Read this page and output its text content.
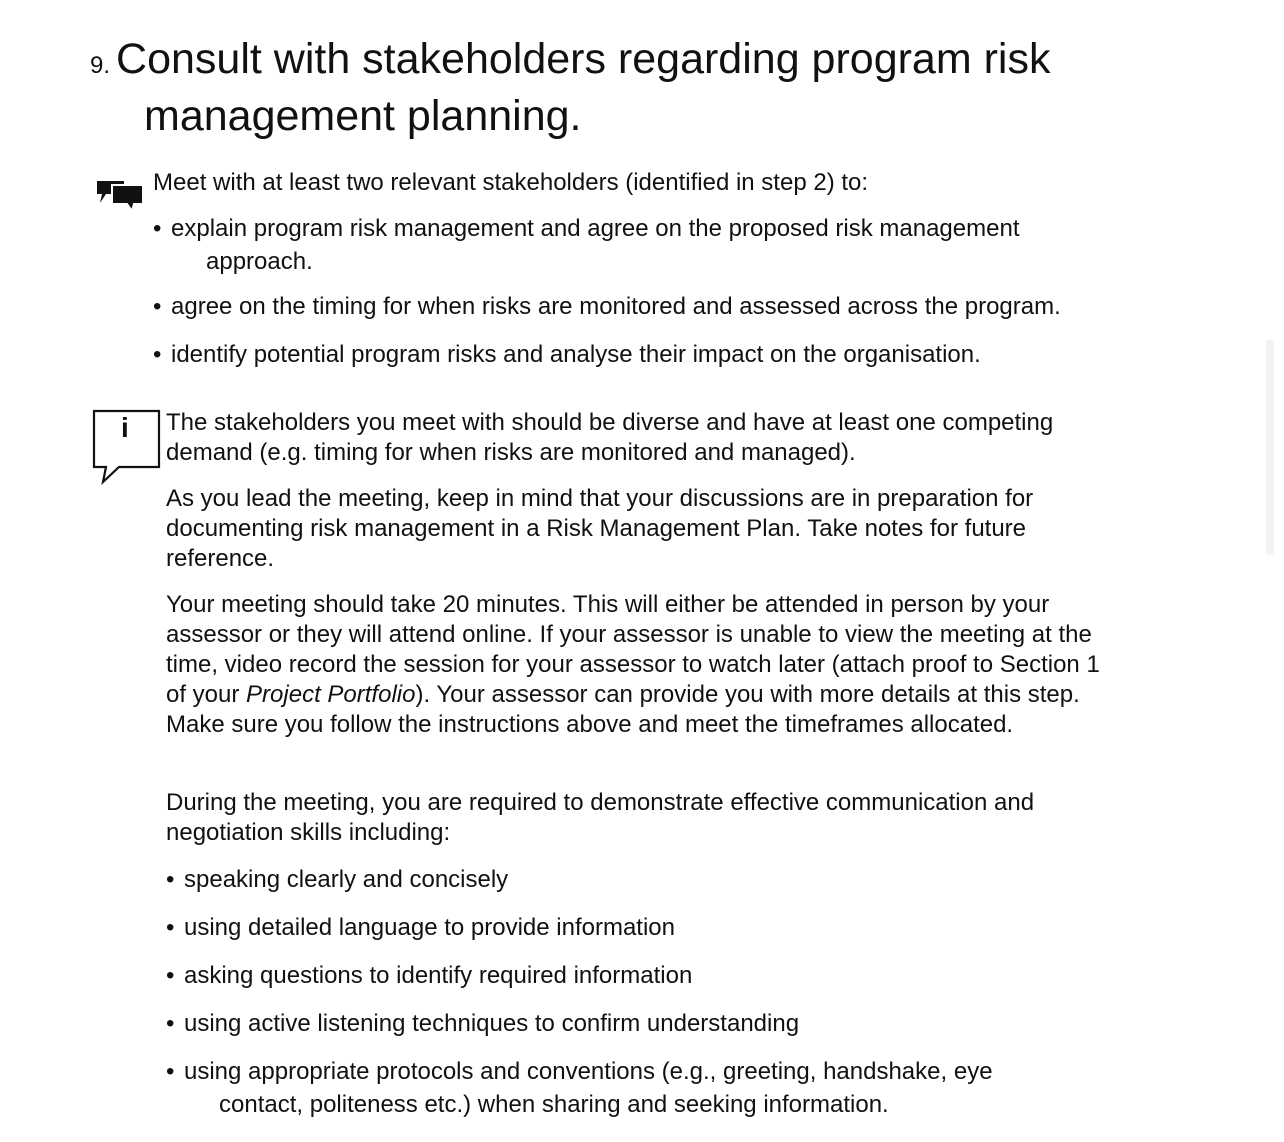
9. Consult with stakeholders regarding program risk
management planning.

Meet with at least two relevant stakeholders (identified in step 2) to:

• explain program risk management and agree on the proposed risk management
approach.
• agree on the timing for when risks are monitored and assessed across the program.
• identify potential program risks and analyse their impact on the organisation.
i The stakeholders you meet with should be diverse and have at least one competing demand (e.g. timing for when risks are monitored and managed).

As you lead the meeting, keep in mind that your discussions are in preparation for documenting risk management in a Risk Management Plan. Take notes for future reference.

Your meeting should take 20 minutes. This will either be attended in person by your assessor or they will attend online. If your assessor is unable to view the meeting at the time, video record the session for your assessor to watch later (attach proof to Section 1 of your Project Portfolio). Your assessor can provide you with more details at this step. Make sure you follow the instructions above and meet the timeframes allocated.

During the meeting, you are required to demonstrate effective communication and negotiation skills including:

• speaking clearly and concisely
• using detailed language to provide information
• asking questions to identify required information
• using active listening techniques to confirm understanding
• using appropriate protocols and conventions (e.g., greeting, handshake, eye
contact, politeness etc.) when sharing and seeking information.
